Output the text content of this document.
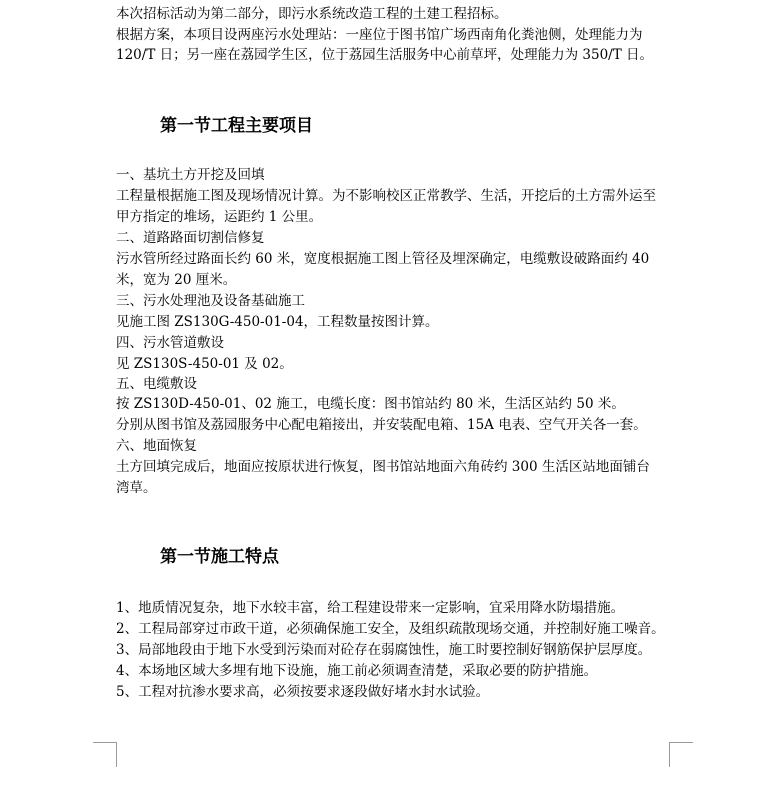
本次招标活动为第二部分，即污水系统改造工程的土建工程招标。
根据方案，本项目设两座污水处理站：一座位于图书馆广场西南角化粪池侧，处理能力为
120/T 日；另一座在荔园学生区，位于荔园生活服务中心前草坪，处理能力为 350/T 日。
第一节工程主要项目
一、基坑土方开挖及回填
工程量根据施工图及现场情况计算。为不影响校区正常教学、生活，开挖后的土方需外运至
甲方指定的堆场，运距约 1 公里。
二、道路路面切割信修复
污水管所经过路面长约 60 米，宽度根据施工图上管径及埋深确定，电缆敷设破路面约 40
米，宽为 20 厘米。
三、污水处理池及设备基础施工
见施工图 ZS130G-450-01-04，工程数量按图计算。
四、污水管道敷设
见 ZS130S-450-01 及 02。
五、电缆敷设
按 ZS130D-450-01、02 施工，电缆长度：图书馆站约 80 米，生活区站约 50 米。
分别从图书馆及荔园服务中心配电箱接出，并安装配电箱、15A 电表、空气开关各一套。
六、地面恢复
土方回填完成后，地面应按原状进行恢复，图书馆站地面六角砖约 300 生活区站地面铺台
湾草。
第一节施工特点
1、地质情况复杂，地下水较丰富，给工程建设带来一定影响，宜采用降水防塌措施。
2、工程局部穿过市政干道，必须确保施工安全，及组织疏散现场交通，并控制好施工噪音。
3、局部地段由于地下水受到污染而对砼存在弱腐蚀性，施工时要控制好钢筋保护层厚度。
4、本场地区域大多埋有地下设施，施工前必须调查清楚，采取必要的防护措施。
5、工程对抗渗水要求高，必须按要求逐段做好堵水封水试验。
